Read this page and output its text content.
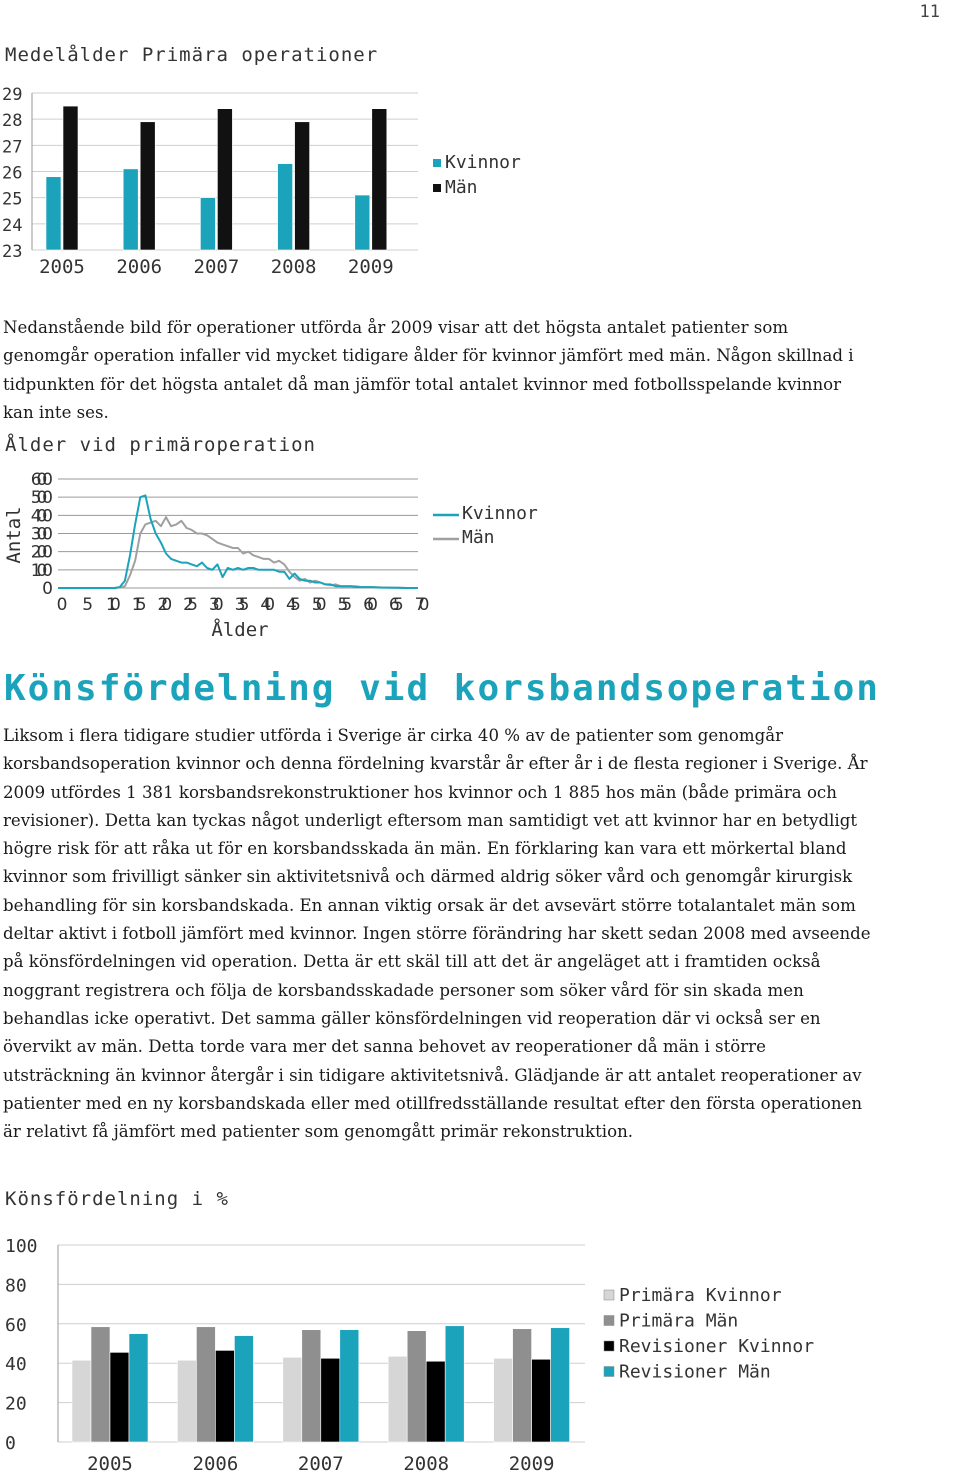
11
Medelålder Primära operationer
23
24
25
26
27
28
29
2005 2006 2007 2008 2009
Kvinnor
Män

Nedanstående bild för operationer utförda år 2009 visar att det högsta antalet patienter som genomgår operation infaller vid mycket tidigare ålder för kvinnor jämfört med män. Någon skillnad i tidpunkten för det högsta antalet då man jämför total antalet kvinnor med fotbollsspelande kvinnor kan inte ses.

Ålder vid primäroperation
0
100
200
300
400
500
600
0 5 10 15 20 25 30 35 40 45 50 55 60 65 70
Ålder
Antal	Kvinnor
Män
Könsfördelning vid korsbandsoperation

Liksom i flera tidigare studier utförda i Sverige är cirka 40 % av de patienter som genomgår korsbandsoperation kvinnor och denna fördelning kvarstår år efter år i de flesta regioner i Sverige. År 2009 utfördes 1 381 korsbandsrekonstruktioner hos kvinnor och 1 885 hos män (både primära och revisioner). Detta kan tyckas något underligt eftersom man samtidigt vet att kvinnor har en betydligt högre risk för att råka ut för en korsbandsskada än män. En förklaring kan vara ett mörkertal bland kvinnor som frivilligt sänker sin aktivitetsnivå och därmed aldrig söker vård och genomgår kirurgisk behandling för sin korsbandskada. En annan viktig orsak är det avsevärt större totalantalet män som deltar aktivt i fotboll jämfört med kvinnor. Ingen större förändring har skett sedan 2008 med avseende på könsfördelningen vid operation. Detta är ett skäl till att det är angeläget att i framtiden också noggrant registrera och följa de korsbandsskadade personer som söker vård för sin skada men behandlas icke operativt. Det samma gäller könsfördelningen vid reoperation där vi också ser en övervikt av män. Detta torde vara mer det sanna behovet av reoperationer då män i större utsträckning än kvinnor återgår i sin tidigare aktivitetsnivå. Glädjande är att antalet reoperationer av patienter med en ny korsbandskada eller med otillfredsställande resultat efter den första operationen är relativt få jämfört med patienter som genomgått primär rekonstruktion.

Könsfördelning i %
0
20
40
60
80
100
2005	2006	2007	2008	2009
Primära Kvinnor
Primära Män
Revisioner Kvinnor
Revisioner Män
